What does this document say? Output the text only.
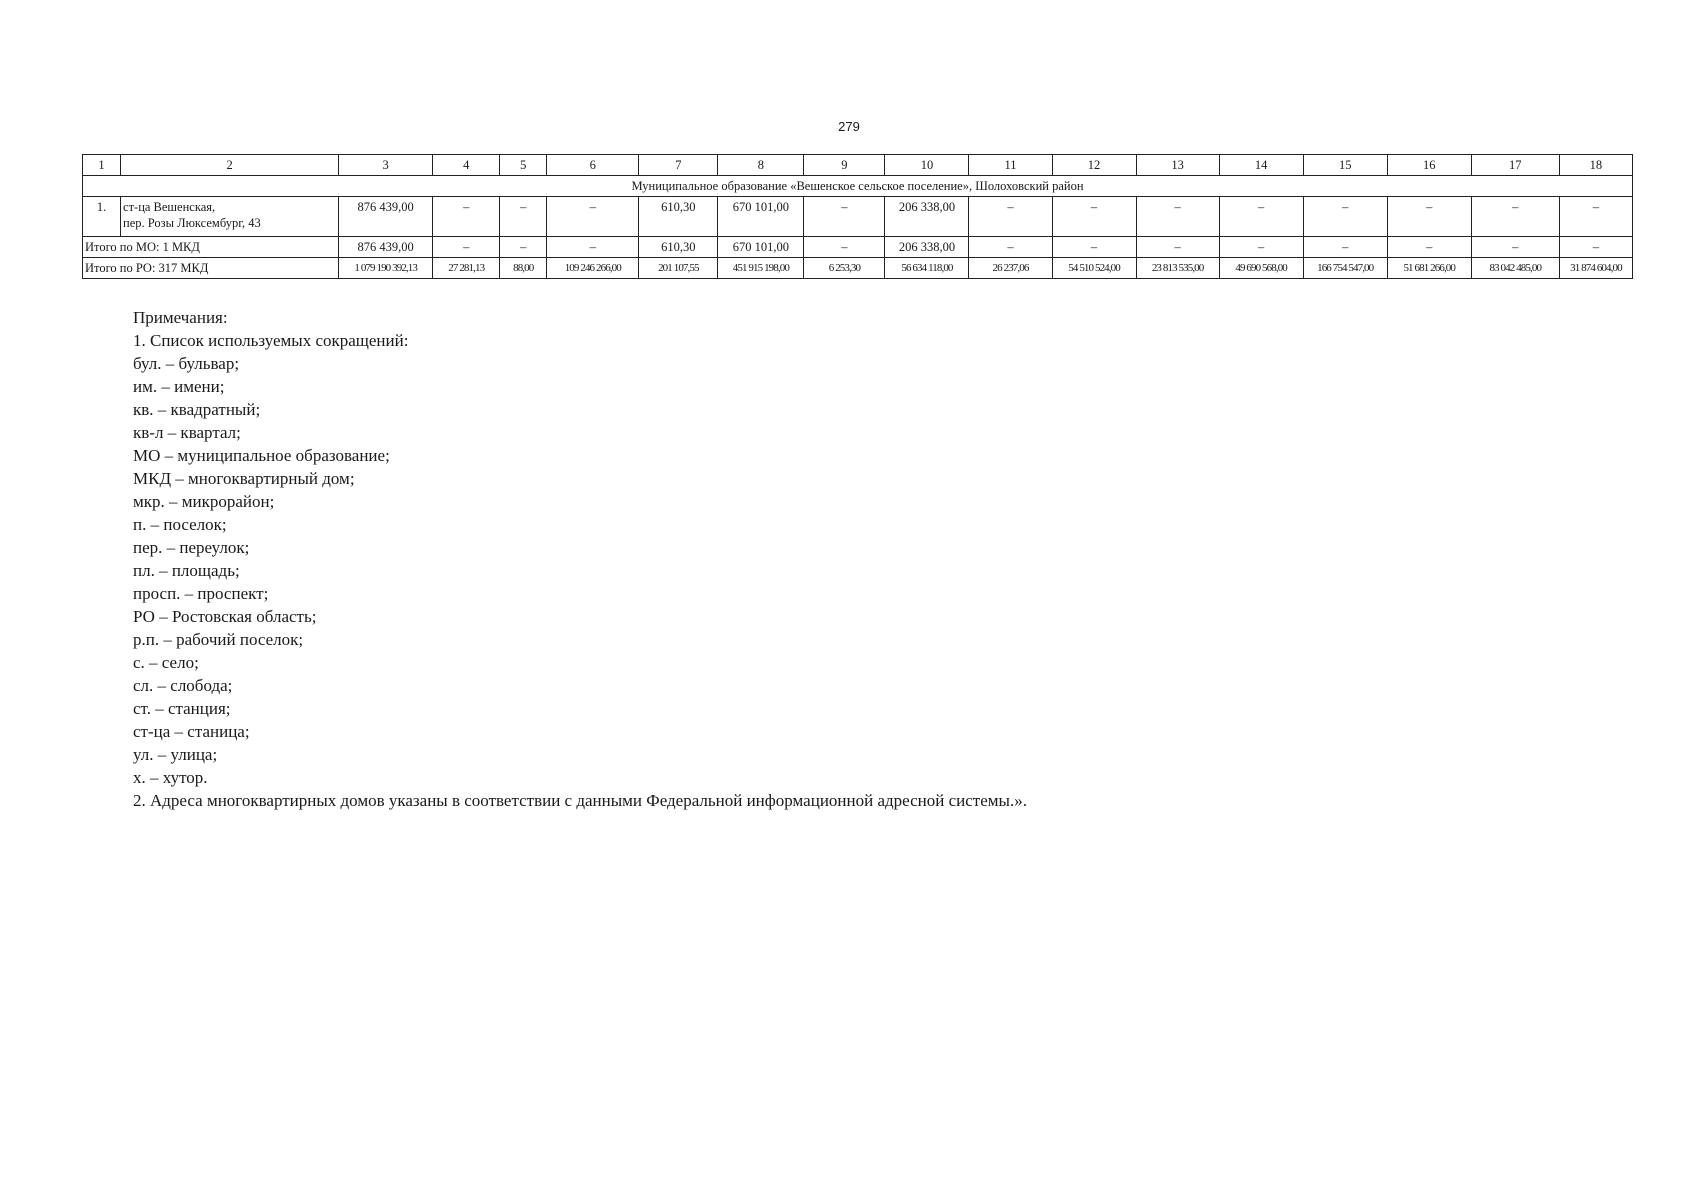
279
1	2	3	4	5	6	7	8	9	10	11	12	13	14	15	16	17	18
Муниципальное образование «Вешенское сельское поселение», Шолоховский район																	
1.	ст-ца Вешенская,
пер. Розы Люксембург, 43	876 439,00	–	–	–	610,30	670 101,00	–	206 338,00	–	–	–	–	–	–	–	–
Итого по МО: 1 МКД		876 439,00	–	–	–	610,30	670 101,00	–	206 338,00	–	–	–	–	–	–	–	–
Итого по РО: 317 МКД		1 079 190 392,13	27 281,13	88,00	109 246 266,00	201 107,55	451 915 198,00	6 253,30	56 634 118,00	26 237,06	54 510 524,00	23 813 535,00	49 690 568,00	166 754 547,00	51 681 266,00	83 042 485,00	31 874 604,00
Примечания:
1. Список используемых сокращений:
бул. – бульвар;
им. – имени;
кв. – квадратный;
кв-л – квартал;
МО – муниципальное образование;
МКД – многоквартирный дом;
мкр. – микрорайон;
п. – поселок;
пер. – переулок;
пл. – площадь;
просп. – проспект;
РО – Ростовская область;
р.п. – рабочий поселок;
с. – село;
сл. – слобода;
ст. – станция;
ст-ца – станица;
ул. – улица;
х. – хутор.
2. Адреса многоквартирных домов указаны в соответствии с данными Федеральной информационной адресной системы.».
